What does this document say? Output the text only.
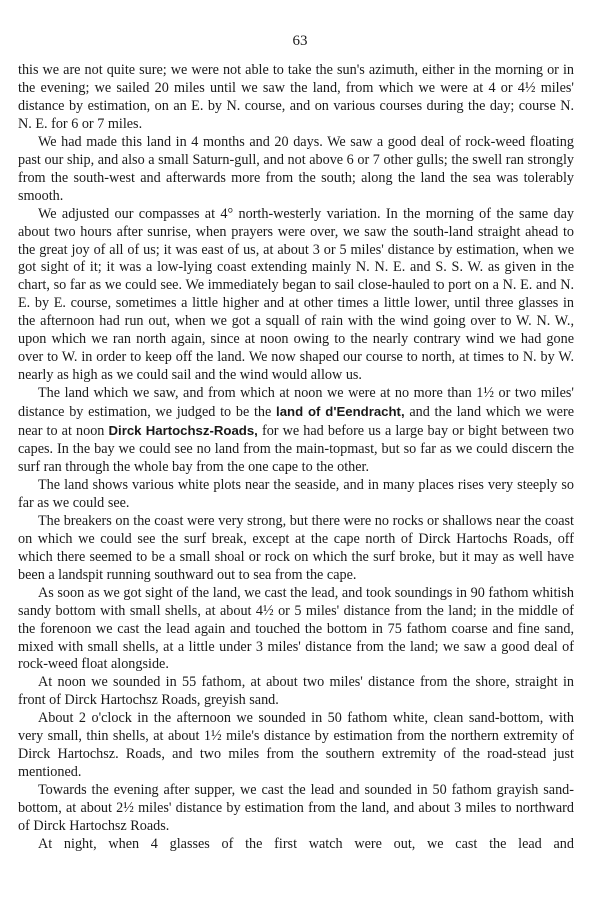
63

this we are not quite sure; we were not able to take the sun's azimuth, either in the morning or in the evening; we sailed 20 miles until we saw the land, from which we were at 4 or 4½ miles' distance by estimation, on an E. by N. course, and on various courses during the day; course N. N. E. for 6 or 7 miles.

We had made this land in 4 months and 20 days. We saw a good deal of rock-weed floating past our ship, and also a small Saturn-gull, and not above 6 or 7 other gulls; the swell ran strongly from the south-west and afterwards more from the south; along the land the sea was tolerably smooth.

We adjusted our compasses at 4° north-westerly variation. In the morning of the same day about two hours after sunrise, when prayers were over, we saw the south-land straight ahead to the great joy of all of us; it was east of us, at about 3 or 5 miles' distance by estimation, when we got sight of it; it was a low-lying coast extending mainly N. N. E. and S. S. W. as given in the chart, so far as we could see. We immediately began to sail close-hauled to port on a N. E. and N. E. by E. course, sometimes a little higher and at other times a little lower, until three glasses in the afternoon had run out, when we got a squall of rain with the wind going over to W. N. W., upon which we ran north again, since at noon owing to the nearly contrary wind we had gone over to W. in order to keep off the land. We now shaped our course to north, at times to N. by W. nearly as high as we could sail and the wind would allow us.

The land which we saw, and from which at noon we were at no more than 1½ or two miles' distance by estimation, we judged to be the land of d'Eendracht, and the land which we were near to at noon Dirck Hartochsz-Roads, for we had before us a large bay or bight between two capes. In the bay we could see no land from the main-topmast, but so far as we could discern the surf ran through the whole bay from the one cape to the other.

The land shows various white plots near the seaside, and in many places rises very steeply so far as we could see.

The breakers on the coast were very strong, but there were no rocks or shallows near the coast on which we could see the surf break, except at the cape north of Dirck Hartochs Roads, off which there seemed to be a small shoal or rock on which the surf broke, but it may as well have been a landspit running southward out to sea from the cape.

As soon as we got sight of the land, we cast the lead, and took soundings in 90 fathom whitish sandy bottom with small shells, at about 4½ or 5 miles' distance from the land; in the middle of the forenoon we cast the lead again and touched the bottom in 75 fathom coarse and fine sand, mixed with small shells, at a little under 3 miles' distance from the land; we saw a good deal of rock-weed float alongside.

At noon we sounded in 55 fathom, at about two miles' distance from the shore, straight in front of Dirck Hartochsz Roads, greyish sand.

About 2 o'clock in the afternoon we sounded in 50 fathom white, clean sand-bottom, with very small, thin shells, at about 1½ mile's distance by estimation from the northern extremity of Dirck Hartochsz. Roads, and two miles from the southern extremity of the road-stead just mentioned.

Towards the evening after supper, we cast the lead and sounded in 50 fathom grayish sand-bottom, at about 2½ miles' distance by estimation from the land, and about 3 miles to northward of Dirck Hartochsz Roads.

At night, when 4 glasses of the first watch were out, we cast the lead and
